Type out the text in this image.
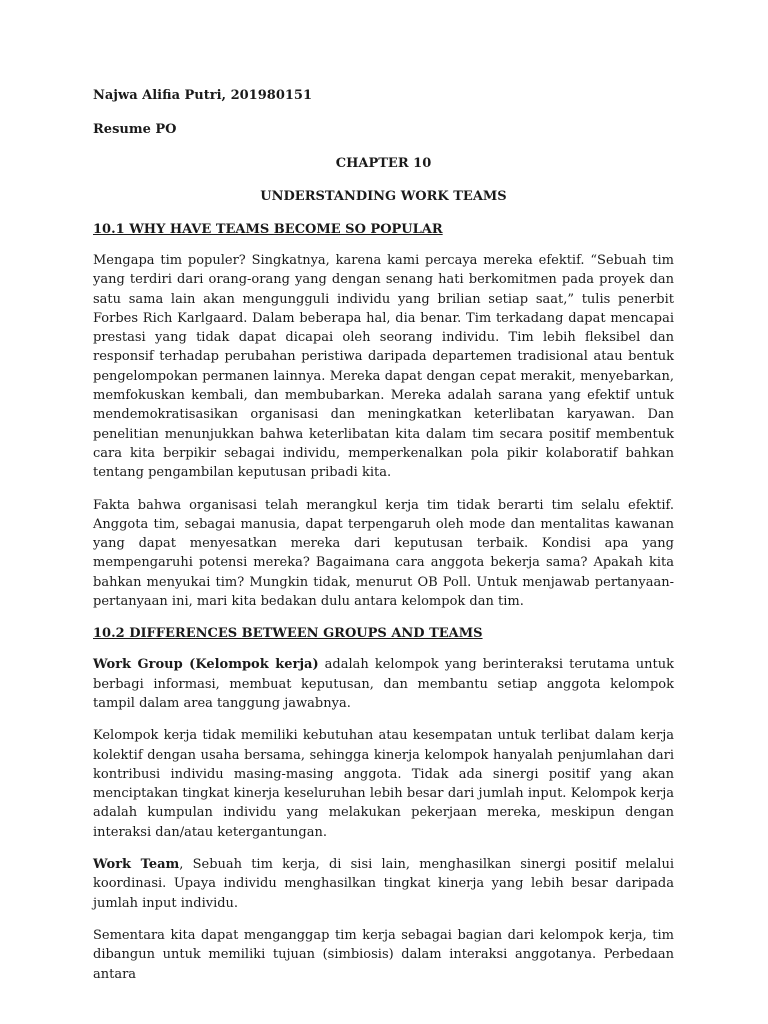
Najwa Alifia Putri, 201980151
Resume PO
CHAPTER 10
UNDERSTANDING WORK TEAMS
10.1 WHY HAVE TEAMS BECOME SO POPULAR

Mengapa tim populer? Singkatnya, karena kami percaya mereka efektif. “Sebuah tim yang terdiri dari orang-orang yang dengan senang hati berkomitmen pada proyek dan satu sama lain akan mengungguli individu yang brilian setiap saat,” tulis penerbit Forbes Rich Karlgaard. Dalam beberapa hal, dia benar. Tim terkadang dapat mencapai prestasi yang tidak dapat dicapai oleh seorang individu. Tim lebih fleksibel dan responsif terhadap perubahan peristiwa daripada departemen tradisional atau bentuk pengelompokan permanen lainnya. Mereka dapat dengan cepat merakit, menyebarkan, memfokuskan kembali, dan membubarkan. Mereka adalah sarana yang efektif untuk mendemokratisasikan organisasi dan meningkatkan keterlibatan karyawan. Dan penelitian menunjukkan bahwa keterlibatan kita dalam tim secara positif membentuk cara kita berpikir sebagai individu, memperkenalkan pola pikir kolaboratif bahkan tentang pengambilan keputusan pribadi kita.

Fakta bahwa organisasi telah merangkul kerja tim tidak berarti tim selalu efektif. Anggota tim, sebagai manusia, dapat terpengaruh oleh mode dan mentalitas kawanan yang dapat menyesatkan mereka dari keputusan terbaik. Kondisi apa yang mempengaruhi potensi mereka? Bagaimana cara anggota bekerja sama? Apakah kita bahkan menyukai tim? Mungkin tidak, menurut OB Poll. Untuk menjawab pertanyaan-pertanyaan ini, mari kita bedakan dulu antara kelompok dan tim.

10.2 DIFFERENCES BETWEEN GROUPS AND TEAMS

Work Group (Kelompok kerja) adalah kelompok yang berinteraksi terutama untuk berbagi informasi, membuat keputusan, dan membantu setiap anggota kelompok tampil dalam area tanggung jawabnya.

Kelompok kerja tidak memiliki kebutuhan atau kesempatan untuk terlibat dalam kerja kolektif dengan usaha bersama, sehingga kinerja kelompok hanyalah penjumlahan dari kontribusi individu masing-masing anggota. Tidak ada sinergi positif yang akan menciptakan tingkat kinerja keseluruhan lebih besar dari jumlah input. Kelompok kerja adalah kumpulan individu yang melakukan pekerjaan mereka, meskipun dengan interaksi dan/atau ketergantungan.

Work Team, Sebuah tim kerja, di sisi lain, menghasilkan sinergi positif melalui koordinasi. Upaya individu menghasilkan tingkat kinerja yang lebih besar daripada jumlah input individu.

Sementara kita dapat menganggap tim kerja sebagai bagian dari kelompok kerja, tim dibangun untuk memiliki tujuan (simbiosis) dalam interaksi anggotanya. Perbedaan antara
